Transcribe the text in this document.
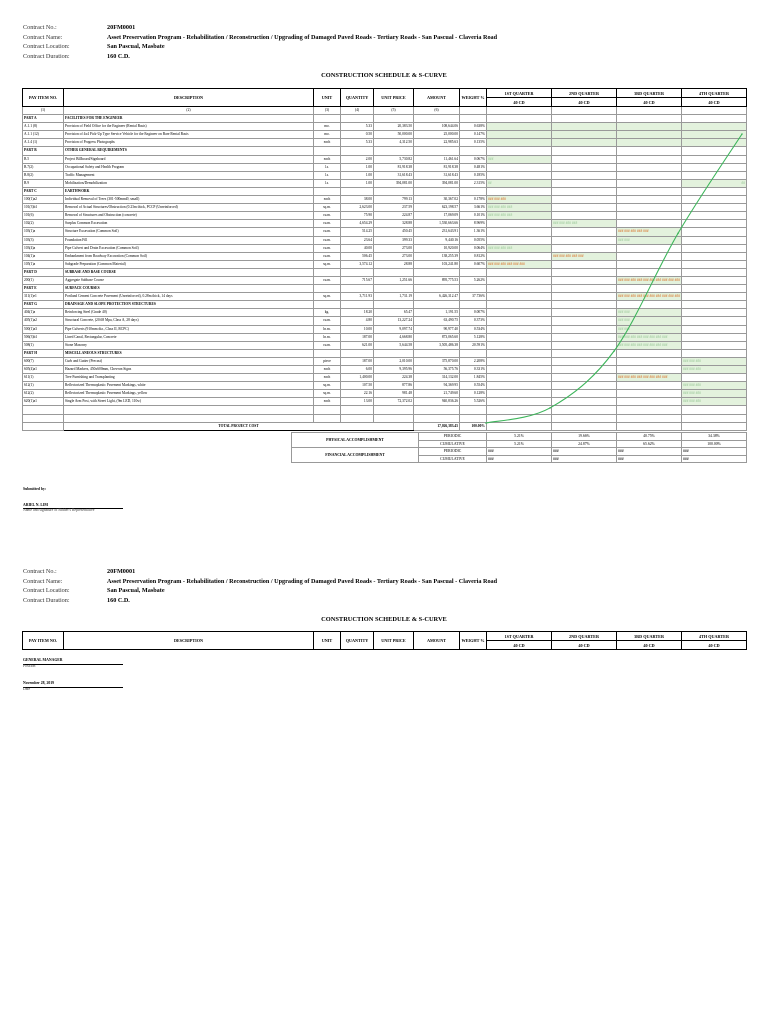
Contract No.:	20FM0001
Contract Name:	Asset Preservation Program - Rehabilitation / Reconstruction / Upgrading of Damaged Paved Roads - Tertiary Roads - San Pascual - Claveria Road
Contract Location:	San Pascual, Masbate
Contract Duration:	160 C.D.
CONSTRUCTION SCHEDULE & S-CURVE
PAY ITEM NO.	DESCRIPTION	UNIT	QUANTITY	UNIT PRICE	AMOUNT	WEIGHT %	1ST QUARTER	2ND QUARTER	3RD QUARTER	4TH QUARTER
							40 CD	40 CD	40 CD	40 CD
(1)	(2)	(3)	(4)	(5)	(6)					
PART A	FACILITIES FOR THE ENGINEER									
A.1.1 (8)	Provision of Field Office for the Engineer (Rental Basis)	mo.	5.33	20,383.50	108,644.06	0.638%				
A.1.1 (12)	Provision of 4x4 Pick-Up Type Service Vehicle for the Engineer on Bare Rental Basis	mo.	0.50	50,000.00	25,000.00	0.147%				
A.1.4 (1)	Provision of Progress Photographs	each	5.33	4,312.50	22,985.63	0.135%				
PART B	OTHER GENERAL REQUIREMENTS									
B.5	Project Billboard/Signboard	each	2.00	5,730.82	11,461.64	0.067%	###			
B.7(2)	Occupational Safety and Health Program	l.s.	1.00	81,918.38	81,918.38	0.481%				
B.8(2)	Traffic Management	l.s.	1.00	31,618.43	31,618.43	0.185%				
B.9	Mobilization/Demobilization	l.s.	1.00	394,081.00	394,081.00	2.315%	##			##
PART C	EARTHWORK									
100(1)a2	Individual Removal of Trees (301-500mmØ, small)	each	38.00	799.13	30,367.02	0.178%	### ### ###			
101(3)b1	Removal of Actual Structures/Obstruction (0.23m thick, PCCP (Unreinforced)	sq.m.	2,623.00	237.59	623,198.57	3.661%	### ### ### ###			
101(6)	Removal of Structures and Obstruction (concrete)	cu.m.	75.90	224.87	17,069.09	0.101%	### ### ### ###			
102(2)	Surplus Common Excavation	cu.m.	4,654.29	328.88	1,530,663.66	8.969%		### ### ### ###		
103(1)a	Structure Excavation (Common Soil)	cu.m.	514.25	450.45	231,643.91	1.361%			### ### ### ### ###	
103(3)	Foundation Fill	cu.m.	23.64	399.33	9,440.16	0.055%			### ###	
103(4)a	Pipe Culvert and Drain Excavation (Common Soil)	cu.m.	40.00	273.00	10,920.00	0.064%	### ### ### ###			
104(1)a	Embankment from Roadway Excavation (Common Soil)	cu.m.	506.45	273.00	138,255.39	0.812%		### ### ### ### ###		
105(1)a	Subgrade Preparation (Common Material)	sq.m.	3,574.12	28.88	103,241.80	0.607%	### ### ### ### ### ###			
PART D	SUBBASE AND BASE COURSE									
200(1)	Aggregate Subbase Course	cu.m.	715.67	1,251.66	895,775.53	5.262%			### ### ### ### ### ### ### ### ### ###	
PART E	SURFACE COURSES									
311(1)e1	Portland Cement Concrete Pavement (Unreinforced), 0.28m thick, 14 days	sq.m.	3,711.93	1,731.19	6,426,312.47	37.736%			### ### ### ### ### ### ### ### ### ###	
PART G	DRAINAGE AND SLOPE PROTECTION STRUCTURES									
404(1)a	Reinforcing Steel (Grade 40)	kg.	18.20	65.47	1,191.55	0.007%			### ###	
405(1)a2	Structural Concrete, (20.68 Mpa, Class A, 28 days)	cu.m.	4.80	13,227.24	63,490.75	0.373%			### ###	
500(1)a3	Pipe Culverts (910mm dia., Class II, RCPC)	ln.m.	10.00	9,097.74	90,977.40	0.534%			### ###	
506(3)b1	Lined Canal, Rectangular, Concrete	ln.m.	187.00	4,668.80	873,065.60	5.128%			### ### ### ### ### ### ### ###	
508(1)	Stone Masonry	cu.m.	621.00	5,644.58	3,505,486.38	20.591%			### ### ### ### ### ### ### ###	
PART H	MISCELLANEOUS STRUCTURES									
600(7)	Curb and Gutter (Precast)	piece	187.00	2,010.00	375,870.00	2.208%				### ### ###
605(4)a1	Hazard Markers, 450x600mm, Chevron Signs	each	6.00	9,395.96	56,375.76	0.331%				### ### ###
611(1)	Tree Furnishing and Transplanting	each	1,400.00	224.38	314,132.00	1.845%			### ### ### ### ### ### ### ###	
612(1)	Reflectorized Thermoplastic Pavement Markings, white	sq.m.	107.50	877.86	94,369.95	0.554%				### ### ###
612(2)	Reflectorized Thermoplastic Pavement Markings, yellow	sq.m.	22.16	981.48	21,749.60	0.128%				### ### ###
620(1)a1	Single Arm Post, with Street Light, (9m LED, 110w)	each	13.00	72,372.02	940,836.26	5.526%				### ### ###

	TOTAL PROJECT COST				17,026,383.45	100.00%				
PHYSICAL ACCOMPLISHMENT	PERIODIC	5.21%	19.66%	40.75%	34.38%
	CUMULATIVE	5.21%	24.87%	65.62%	100.00%
FINANCIAL ACCOMPLISHMENT	PERIODIC	###	###	###	###
	CUMULATIVE	###	###	###	###
Submitted by:
ARIEL N. LIM
Name and signature of Bidder's Representative
Contract No.:	20FM0001
Contract Name:	Asset Preservation Program - Rehabilitation / Reconstruction / Upgrading of Damaged Paved Roads - Tertiary Roads - San Pascual - Claveria Road
Contract Location:	San Pascual, Masbate
Contract Duration:	160 C.D.
CONSTRUCTION SCHEDULE & S-CURVE
PAY ITEM NO.	DESCRIPTION	UNIT	QUANTITY	UNIT PRICE	AMOUNT	WEIGHT %	1ST QUARTER	2ND QUARTER	3RD QUARTER	4TH QUARTER
							40 CD	40 CD	40 CD	40 CD
GENERAL MANAGER
Position
November 28, 2019
Date
